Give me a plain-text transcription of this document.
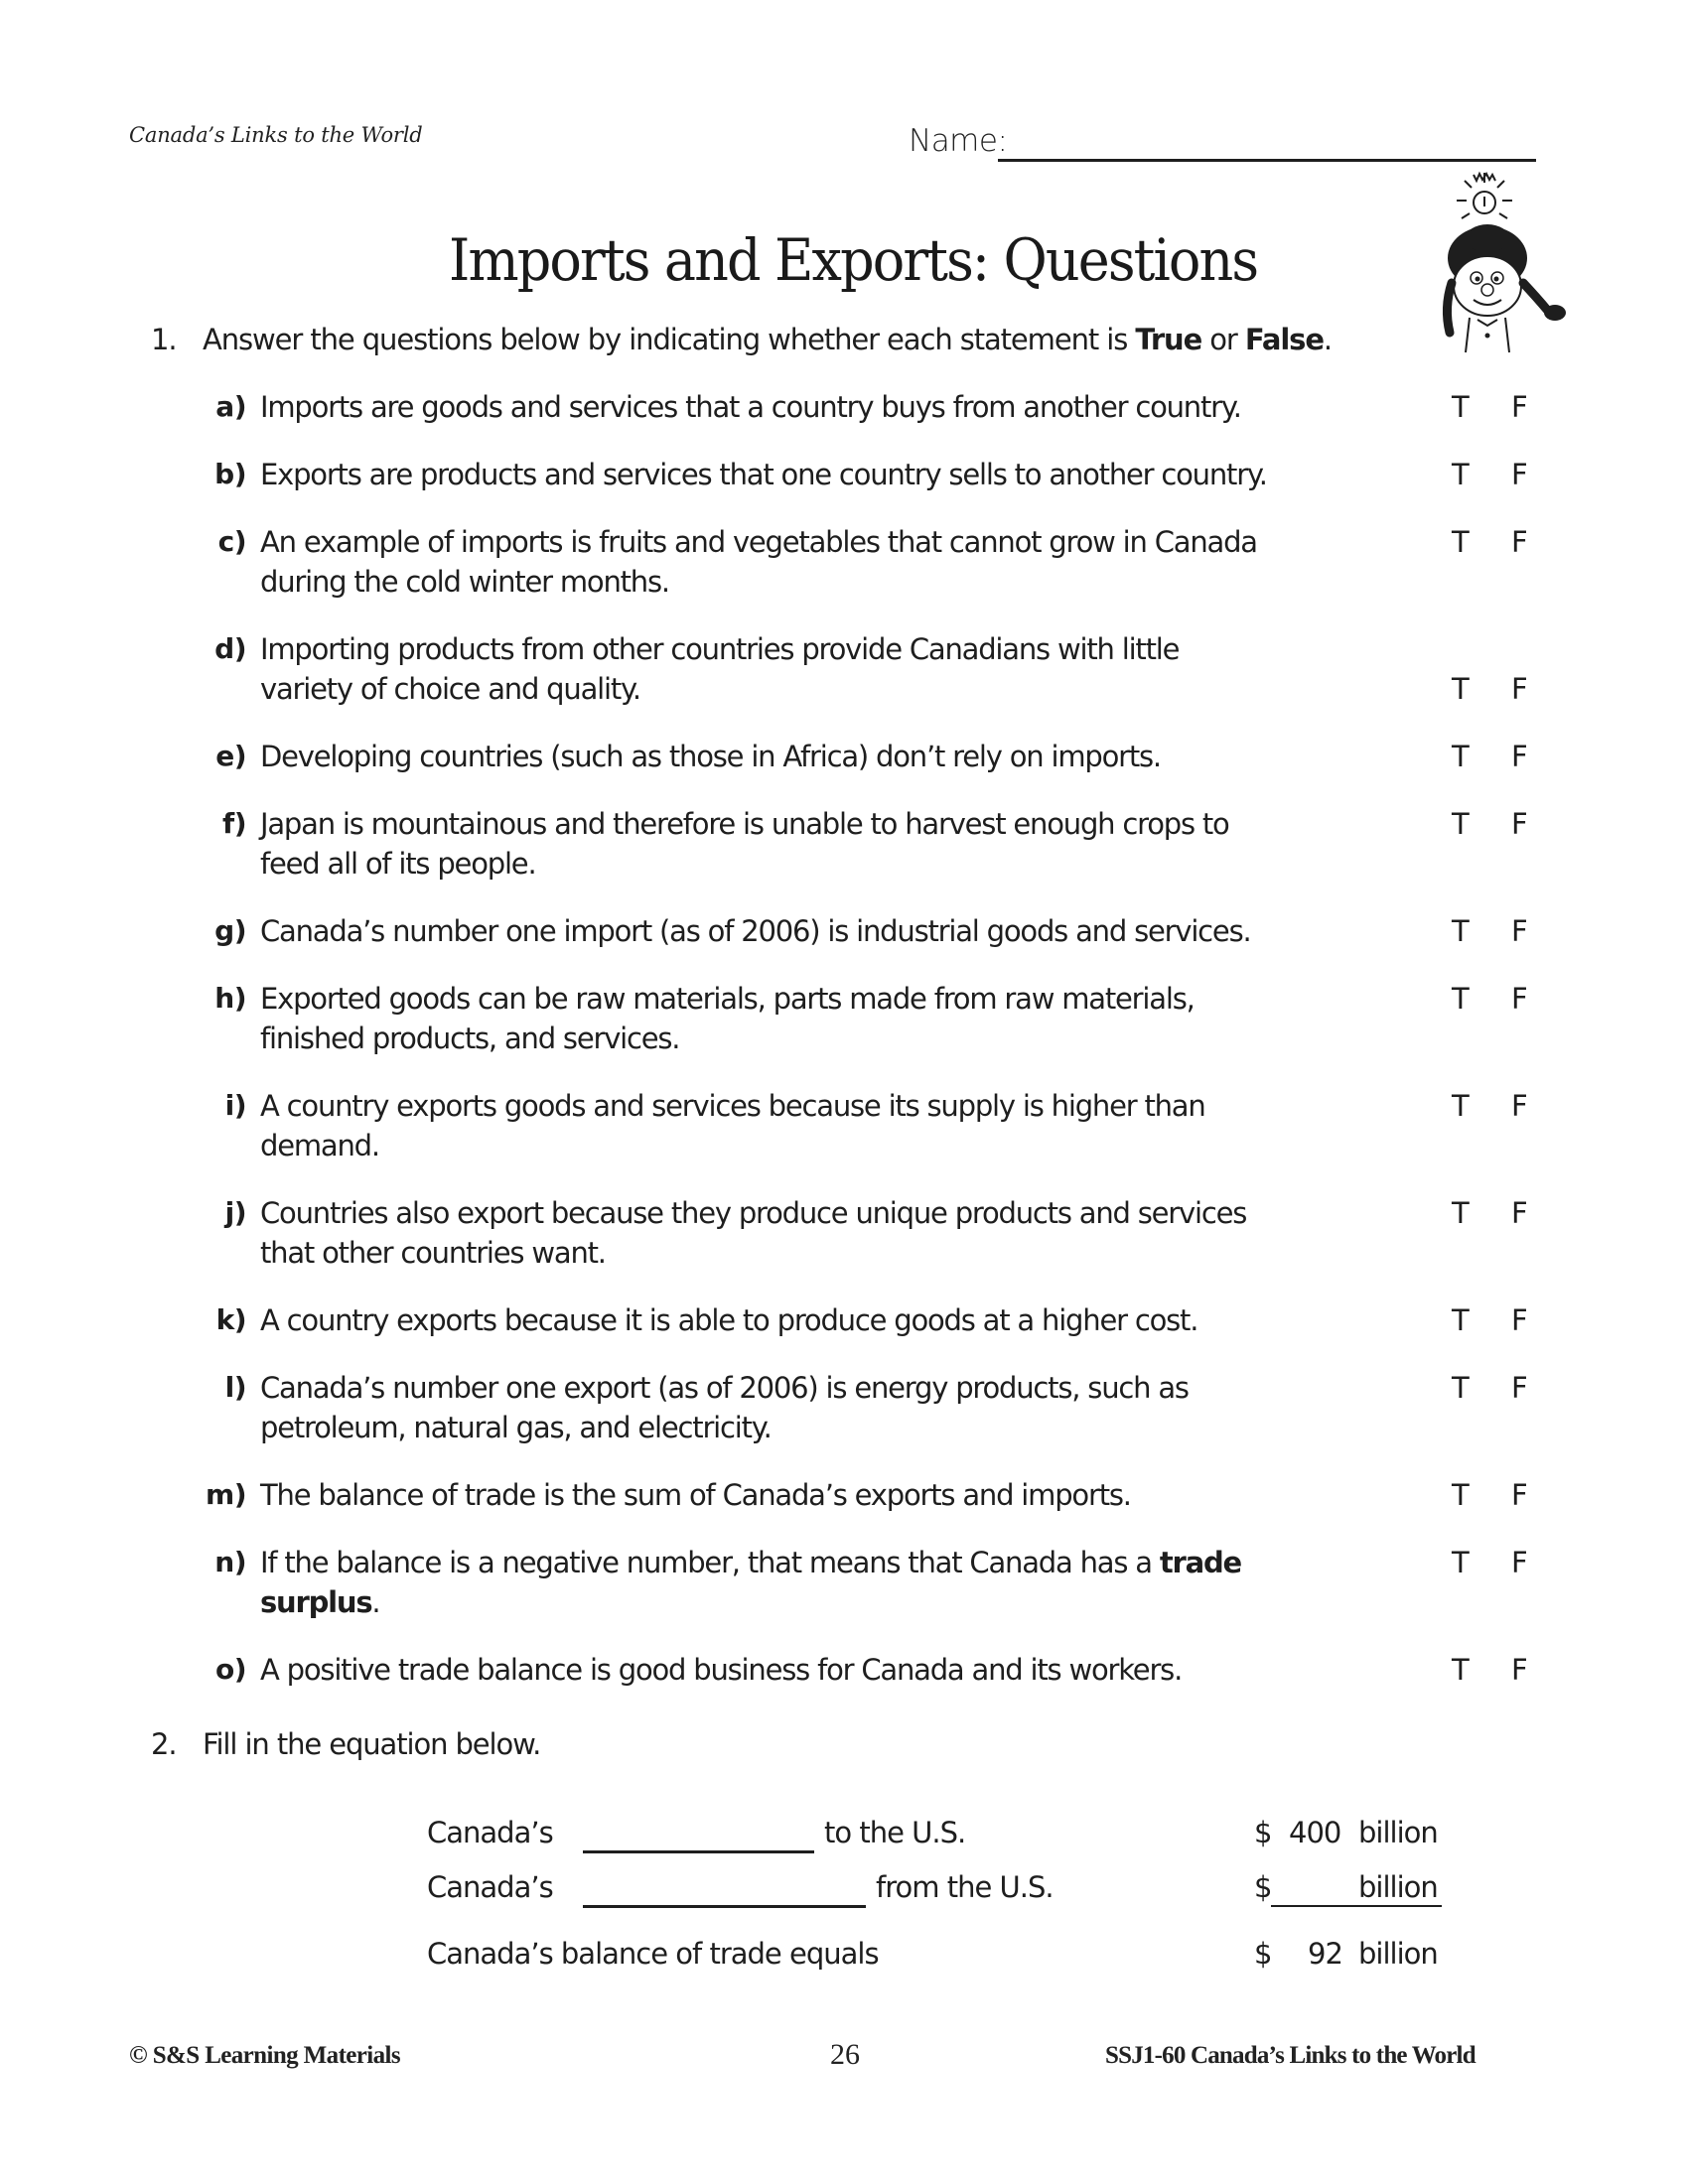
Canada’s Links to the World	Name:
Imports and Exports: Questions
1. Answer the questions below by indicating whether each statement is True or False.
a) Imports are goods and services that a country buys from another country.	T F
b) Exports are products and services that one country sells to another country.	T F
c) An example of imports is fruits and vegetables that cannot grow in Canada
during the cold winter months.
T F
d) Importing products from other countries provide Canadians with little
variety of choice and quality.	T F
e) Developing countries (such as those in Africa) don’t rely on imports.	T F
f) Japan is mountainous and therefore is unable to harvest enough crops to
feed all of its people.
T F
g) Canada’s number one import (as of 2006) is industrial goods and services.	T F
h) Exported goods can be raw materials, parts made from raw materials,
finished products, and services.
T F
i) A country exports goods and services because its supply is higher than
demand.
T F
j) Countries also export because they produce unique products and services
that other countries want.
T F
k) A country exports because it is able to produce goods at a higher cost.	T F
l) Canada’s number one export (as of 2006) is energy products, such as
petroleum, natural gas, and electricity.
T F
m) The balance of trade is the sum of Canada’s exports and imports.	T F
n) If the balance is a negative number, that means that Canada has a trade
surplus.
T F
o) A positive trade balance is good business for Canada and its workers.	T F
2. Fill in the equation below.
Canada’s	to the U.S.	$ 400 billion
Canada’s	from the U.S.	$	billion
Canada’s balance of trade equals	$ 92 billion
© S&S Learning Materials	26	SSJ1-60 Canada’s Links to the World
